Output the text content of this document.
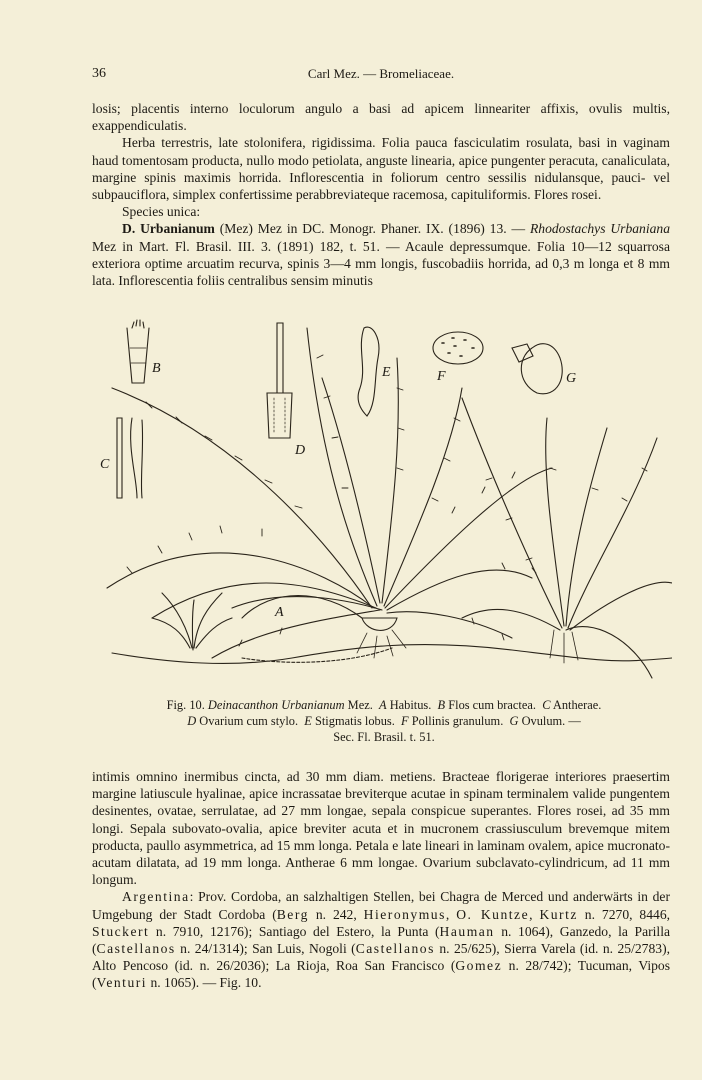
36	Carl Mez. — Bromeliaceae.

losis; placentis interno loculorum angulo a basi ad apicem linneariter affixis, ovulis multis, exappendiculatis.

Herba terrestris, late stolonifera, rigidissima. Folia pauca fasciculatim rosulata, basi in vaginam haud tomentosam producta, nullo modo petiolata, anguste linearia, apice pungenter peracuta, canaliculata, margine spinis maximis horrida. Inflorescentia in foliorum centro sessilis nidulansque, pauci- vel subpauciflora, simplex confertissime perabbreviateque racemosa, capituliformis. Flores rosei.

Species unica:

D. Urbanianum (Mez) Mez in DC. Monogr. Phaner. IX. (1896) 13. — Rhodostachys Urbaniana Mez in Mart. Fl. Brasil. III. 3. (1891) 182, t. 51. — Acaule depressumque. Folia 10—12 squarrosa exteriora optime arcuatim recurva, spinis 3—4 mm longis, fuscobadiis horrida, ad 0,3 m longa et 8 mm lata. Inflorescentia foliis centralibus sensim minutis

B
C
D
E	F	G
A

Fig. 10. Deinacanthon Urbanianum Mez. A Habitus. B Flos cum bractea. C Antherae.

D Ovarium cum stylo. E Stigmatis lobus. F Pollinis granulum. G Ovulum. —

Sec. Fl. Brasil. t. 51.

intimis omnino inermibus cincta, ad 30 mm diam. metiens. Bracteae florigerae interiores praesertim margine latiuscule hyalinae, apice incrassatae breviterque acutae in spinam terminalem valide pungentem desinentes, ovatae, serrulatae, ad 27 mm longae, sepala conspicue superantes. Flores rosei, ad 35 mm longi. Sepala subovato-ovalia, apice breviter acuta et in mucronem crassiusculum brevemque mitem producta, paullo asymmetrica, ad 15 mm longa. Petala e late lineari in laminam ovalem, apice mucronato-acutam dilatata, ad 19 mm longa. Antherae 6 mm longae. Ovarium subclavato-cylindricum, ad 11 mm longum.

Argentina: Prov. Cordoba, an salzhaltigen Stellen, bei Chagra de Merced und anderwärts in der Umgebung der Stadt Cordoba (Berg n. 242, Hieronymus, O. Kuntze, Kurtz n. 7270, 8446, Stuckert n. 7910, 12176); Santiago del Estero, la Punta (Hauman n. 1064), Ganzedo, la Parilla (Castellanos n. 24/1314); San Luis, Nogoli (Castellanos n. 25/625), Sierra Varela (id. n. 25/2783), Alto Pencoso (id. n. 26/2036); La Rioja, Roa San Francisco (Gomez n. 28/742); Tucuman, Vipos (Venturi n. 1065). — Fig. 10.
